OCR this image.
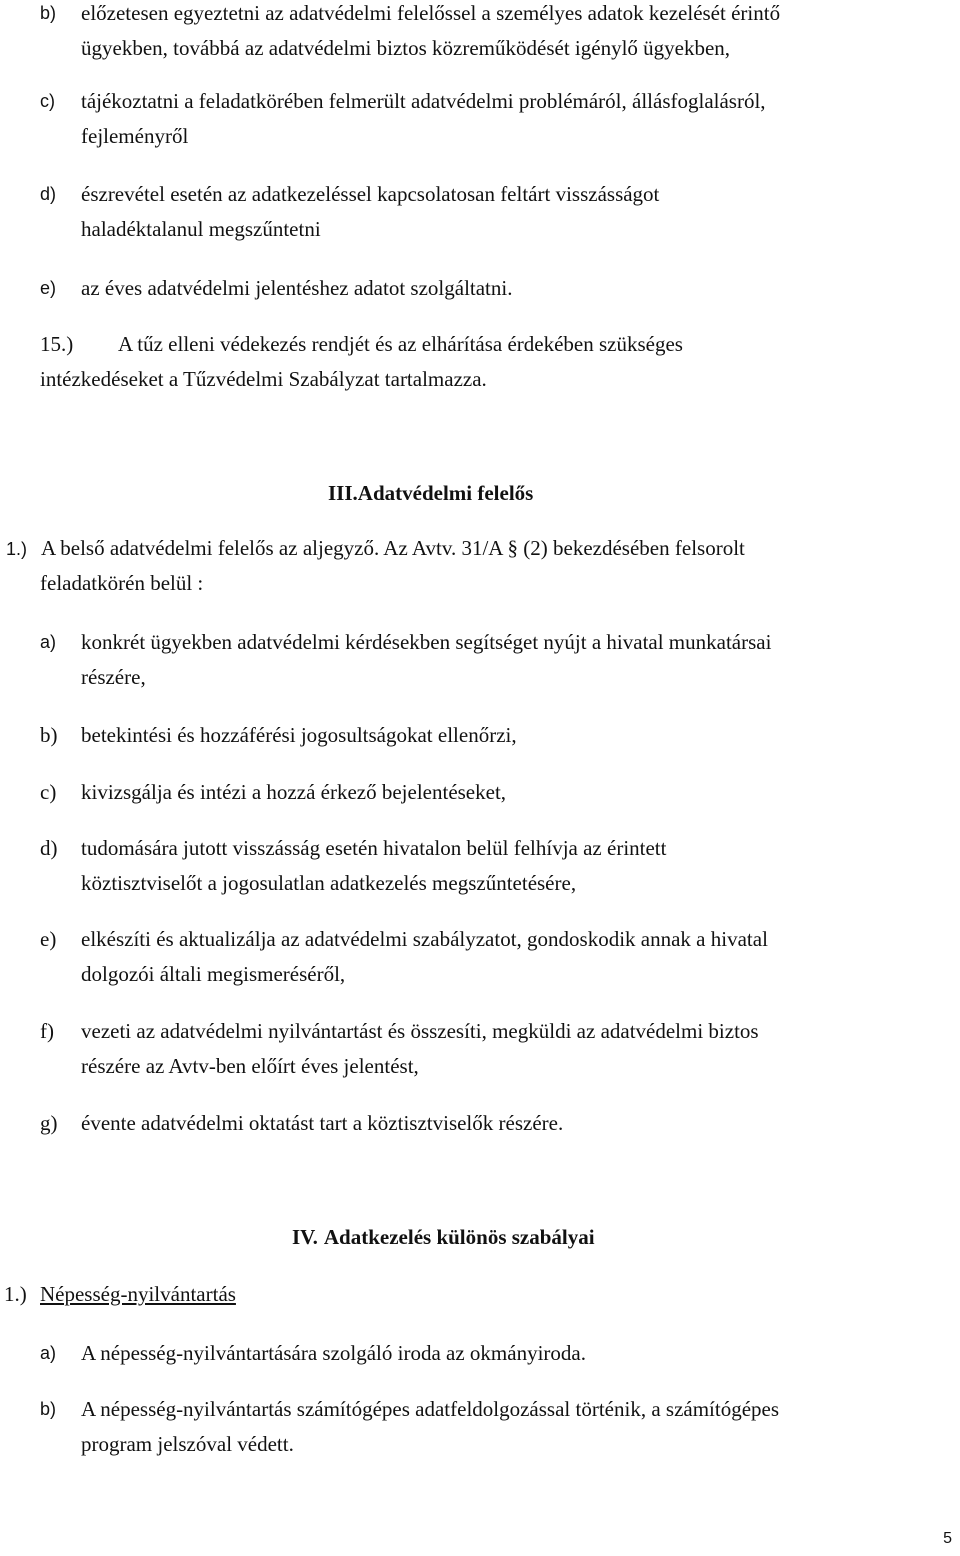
b) előzetesen egyeztetni az adatvédelmi felelőssel a személyes adatok kezelését érintő
ügyekben, továbbá az adatvédelmi biztos közreműködését igénylő ügyekben,
c) tájékoztatni a feladatkörében felmerült adatvédelmi problémáról, állásfoglalásról,
fejleményről
d) észrevétel esetén az adatkezeléssel kapcsolatosan feltárt visszásságot
haladéktalanul megszűntetni
e) az éves adatvédelmi jelentéshez adatot szolgáltatni.
15.) A tűz elleni védekezés rendjét és az elhárítása érdekében szükséges
intézkedéseket a Tűzvédelmi Szabályzat tartalmazza.
III.Adatvédelmi felelős
1.) A belső adatvédelmi felelős az aljegyző. Az Avtv. 31/A § (2) bekezdésében felsorolt
feladatkörén belül :
a) konkrét ügyekben adatvédelmi kérdésekben segítséget nyújt a hivatal munkatársai
részére,
b) betekintési és hozzáférési jogosultságokat ellenőrzi,
c) kivizsgálja és intézi a hozzá érkező bejelentéseket,
d) tudomására jutott visszásság esetén hivatalon belül felhívja az érintett
köztisztviselőt a jogosulatlan adatkezelés megszűntetésére,
e) elkészíti és aktualizálja az adatvédelmi szabályzatot, gondoskodik annak a hivatal
dolgozói általi megismeréséről,
f) vezeti az adatvédelmi nyilvántartást és összesíti, megküldi az adatvédelmi biztos
részére az Avtv-ben előírt éves jelentést,
g) évente adatvédelmi oktatást tart a köztisztviselők részére.
IV. Adatkezelés különös szabályai
1.) Népesség-nyilvántartás
a) A népesség-nyilvántartására szolgáló iroda az okmányiroda.
b) A népesség-nyilvántartás számítógépes adatfeldolgozással történik, a számítógépes
program jelszóval védett.
5
